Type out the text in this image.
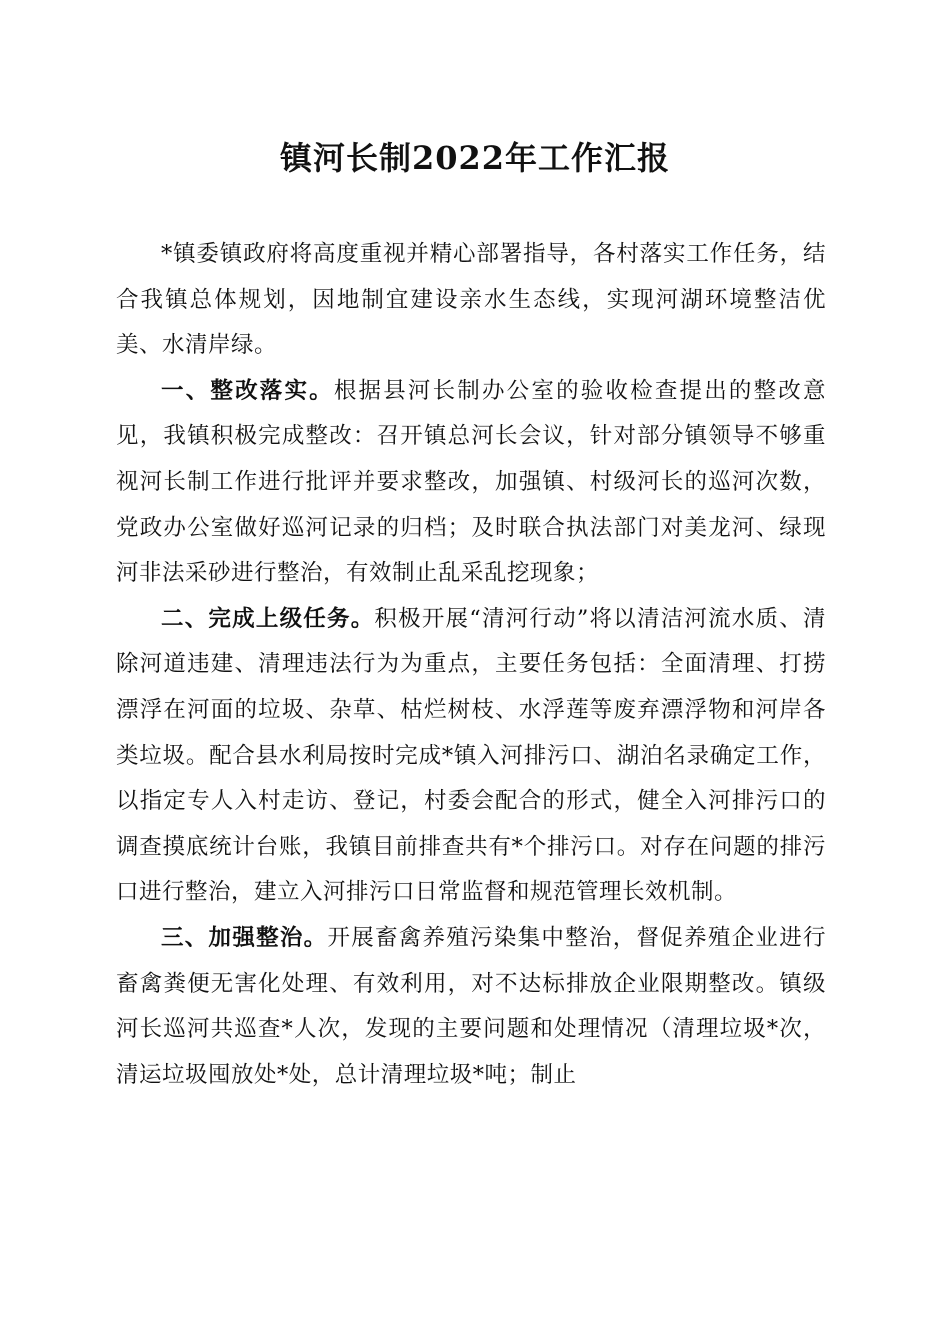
镇河长制2022年工作汇报

*镇委镇政府将高度重视并精心部署指导，各村落实工作任务，结合我镇总体规划，因地制宜建设亲水生态线，实现河湖环境整洁优美、水清岸绿。

一、整改落实。根据县河长制办公室的验收检查提出的整改意见，我镇积极完成整改：召开镇总河长会议，针对部分镇领导不够重视河长制工作进行批评并要求整改，加强镇、村级河长的巡河次数，党政办公室做好巡河记录的归档；及时联合执法部门对美龙河、绿现河非法采砂进行整治，有效制止乱采乱挖现象；

二、完成上级任务。积极开展“清河行动”将以清洁河流水质、清除河道违建、清理违法行为为重点，主要任务包括：全面清理、打捞漂浮在河面的垃圾、杂草、枯烂树枝、水浮莲等废弃漂浮物和河岸各类垃圾。配合县水利局按时完成*镇入河排污口、湖泊名录确定工作，以指定专人入村走访、登记，村委会配合的形式，健全入河排污口的调查摸底统计台账，我镇目前排查共有*个排污口。对存在问题的排污口进行整治，建立入河排污口日常监督和规范管理长效机制。

三、加强整治。开展畜禽养殖污染集中整治，督促养殖企业进行畜禽粪便无害化处理、有效利用，对不达标排放企业限期整改。镇级河长巡河共巡查*人次，发现的主要问题和处理情况（清理垃圾*次，清运垃圾囤放处*处，总计清理垃圾*吨；制止
